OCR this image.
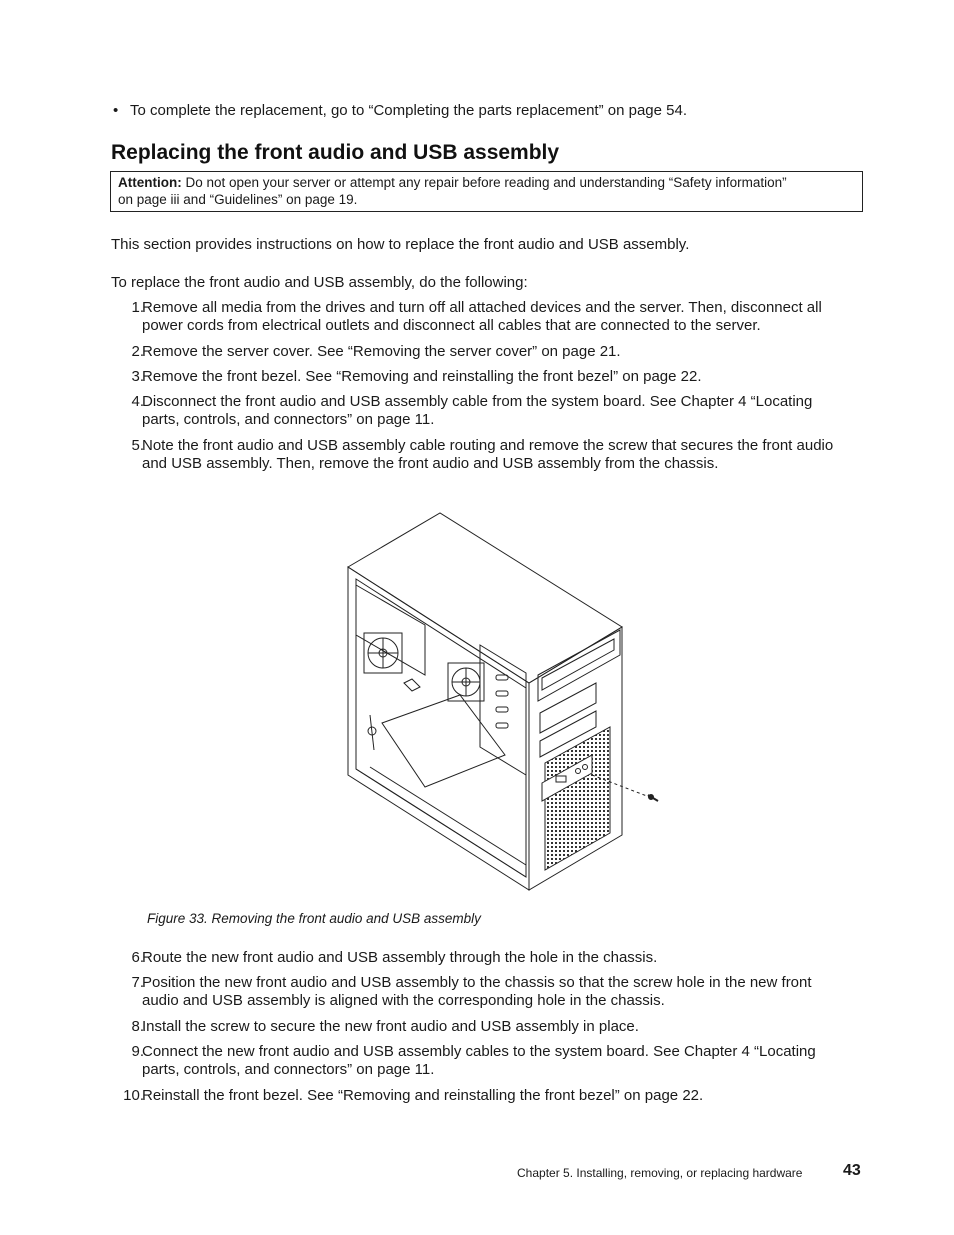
• To complete the replacement, go to “Completing the parts replacement” on page 54.
Replacing the front audio and USB assembly
Attention: Do not open your server or attempt any repair before reading and understanding “Safety information”
on page iii and “Guidelines” on page 19.
This section provides instructions on how to replace the front audio and USB assembly.
To replace the front audio and USB assembly, do the following:
1.
Remove all media from the drives and turn off all attached devices and the server. Then, disconnect all
power cords from electrical outlets and disconnect all cables that are connected to the server.
2.
Remove the server cover. See “Removing the server cover” on page 21.
3.
Remove the front bezel. See “Removing and reinstalling the front bezel” on page 22.
4.
Disconnect the front audio and USB assembly cable from the system board. See Chapter 4 “Locating
parts, controls, and connectors” on page 11.
5.
Note the front audio and USB assembly cable routing and remove the screw that secures the front audio
and USB assembly. Then, remove the front audio and USB assembly from the chassis.
Figure 33. Removing the front audio and USB assembly
6.
Route the new front audio and USB assembly through the hole in the chassis.
7.
Position the new front audio and USB assembly to the chassis so that the screw hole in the new front
audio and USB assembly is aligned with the corresponding hole in the chassis.
8.
Install the screw to secure the new front audio and USB assembly in place.
9.
Connect the new front audio and USB assembly cables to the system board. See Chapter 4 “Locating
parts, controls, and connectors” on page 11.
10.
Reinstall the front bezel. See “Removing and reinstalling the front bezel” on page 22.
Chapter 5. Installing, removing, or replacing hardware	43
